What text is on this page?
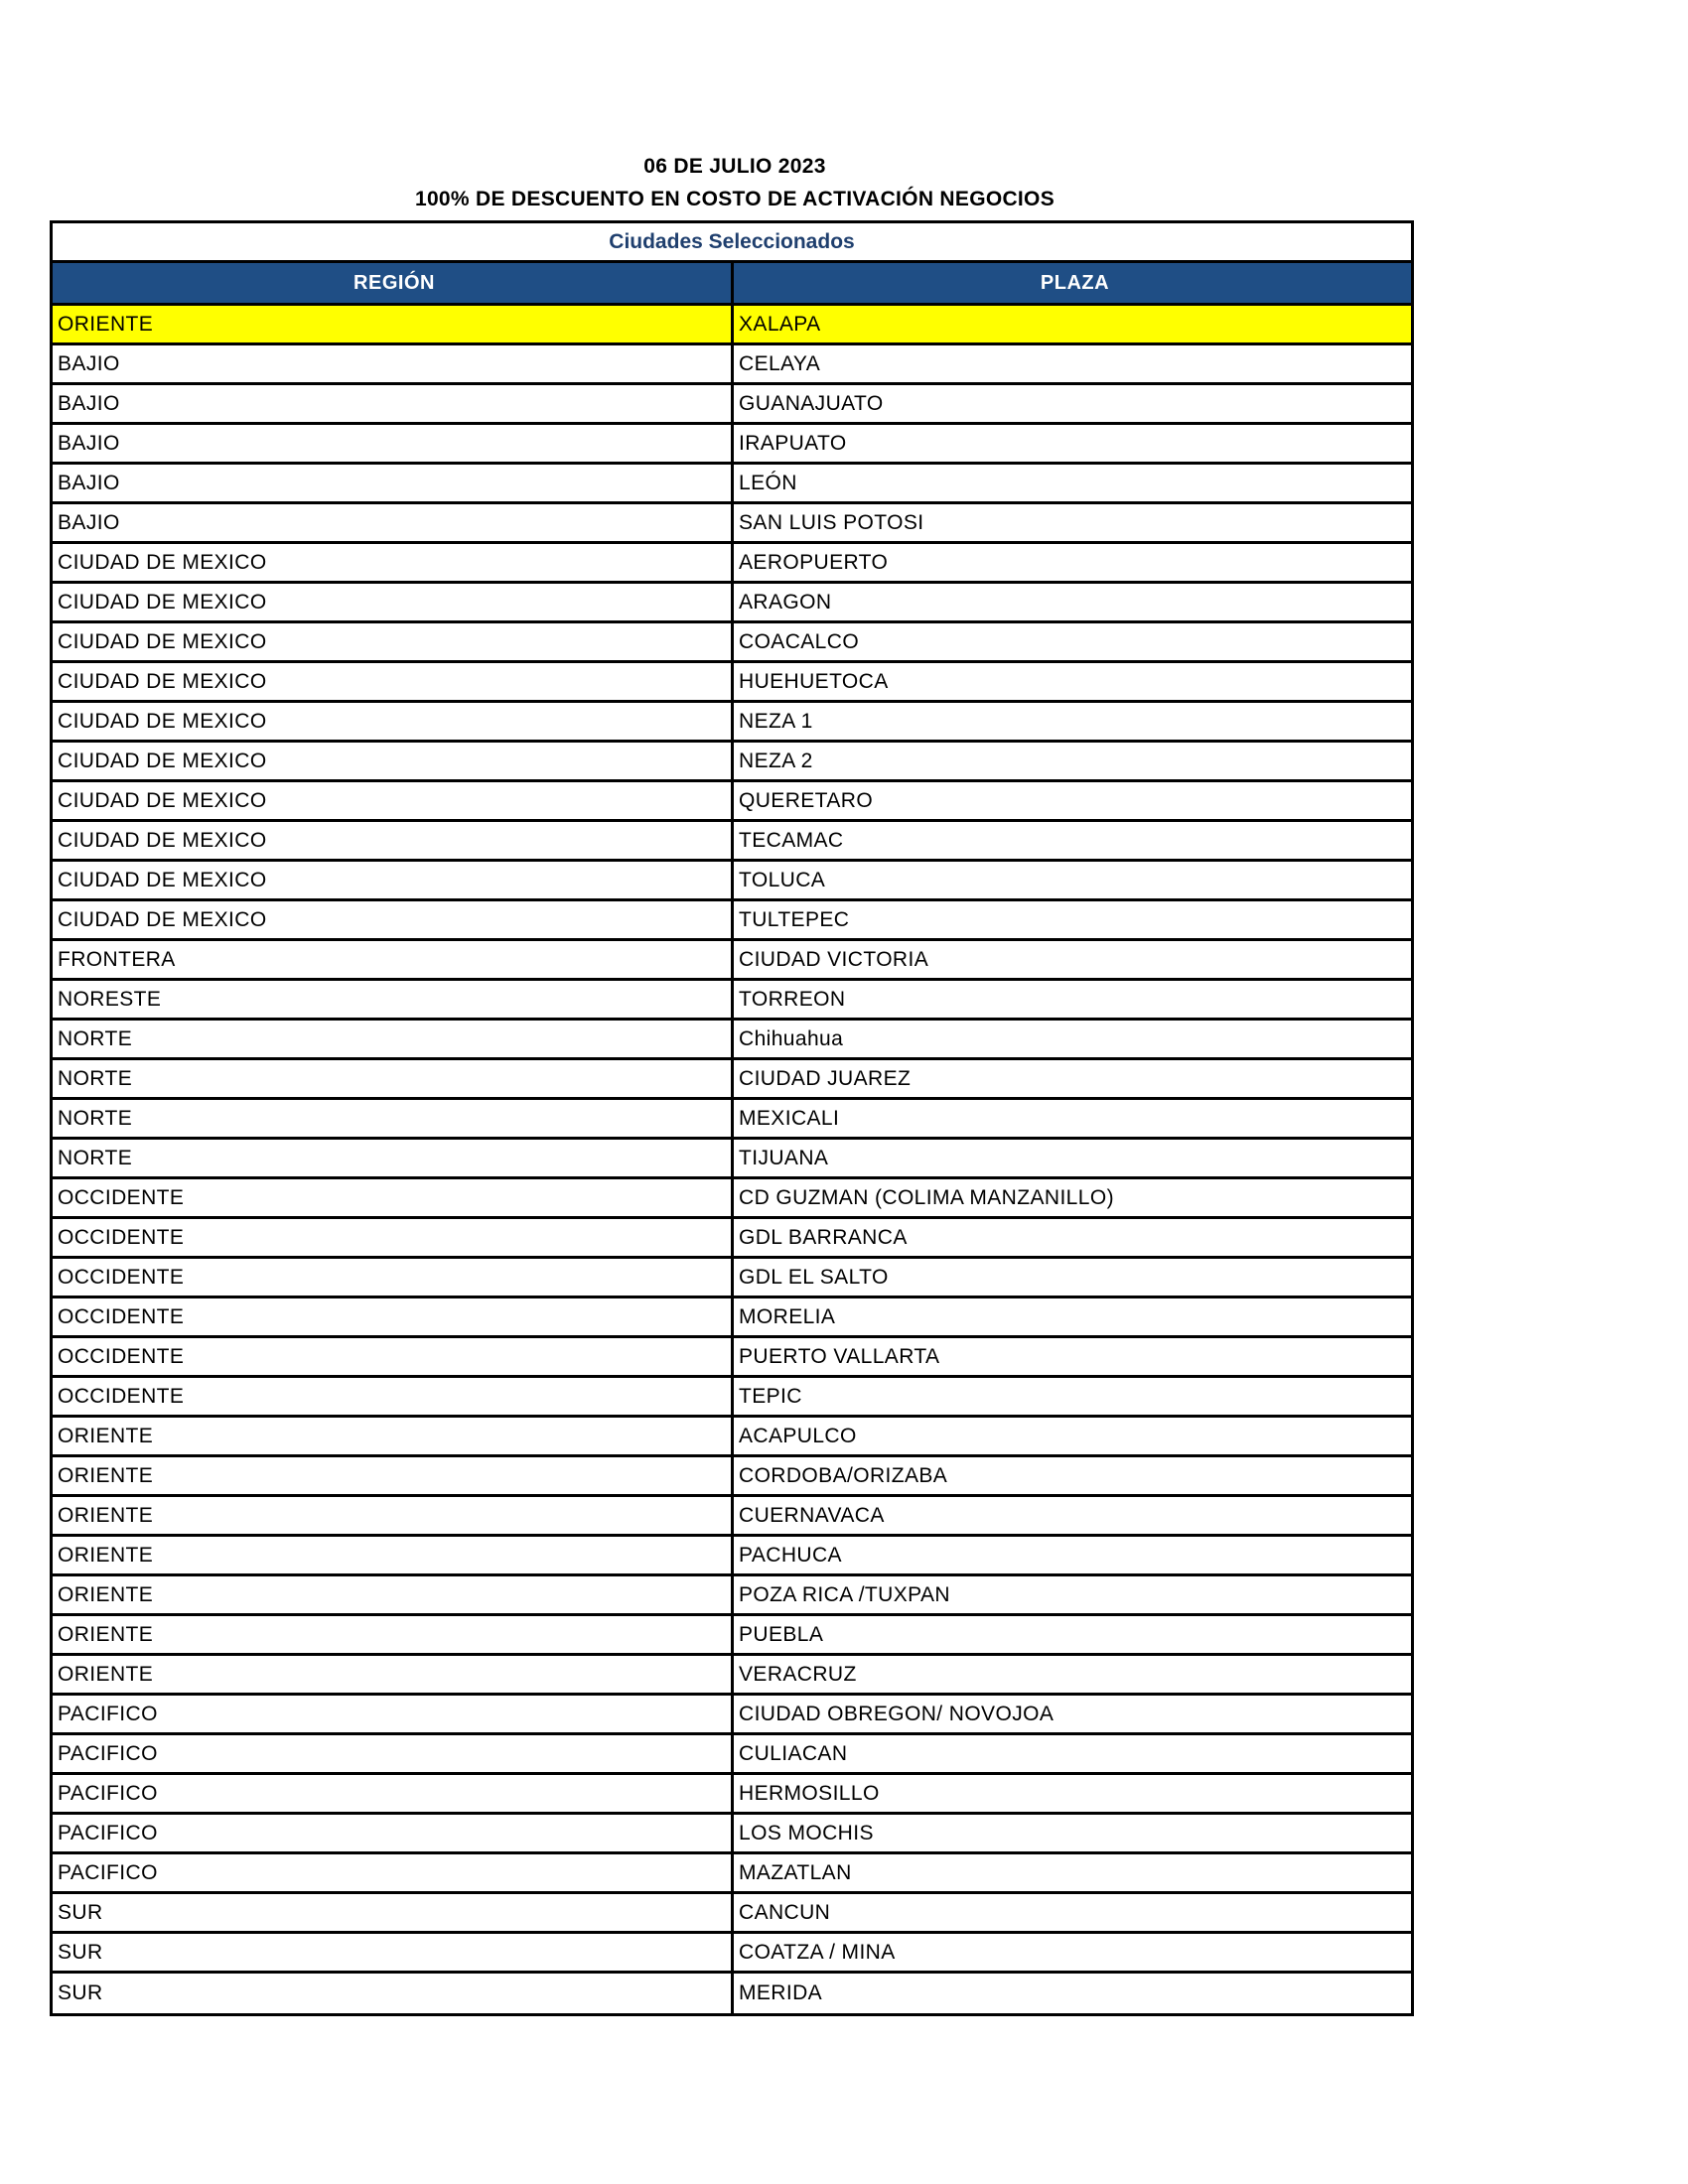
06 DE JULIO 2023
100% DE DESCUENTO EN COSTO DE ACTIVACIÓN NEGOCIOS
Ciudades Seleccionados
REGIÓN	PLAZA
ORIENTE	XALAPA
BAJIO	CELAYA
BAJIO	GUANAJUATO
BAJIO	IRAPUATO
BAJIO	LEÓN
BAJIO	SAN LUIS POTOSI
CIUDAD DE MEXICO	AEROPUERTO
CIUDAD DE MEXICO	ARAGON
CIUDAD DE MEXICO	COACALCO
CIUDAD DE MEXICO	HUEHUETOCA
CIUDAD DE MEXICO	NEZA 1
CIUDAD DE MEXICO	NEZA 2
CIUDAD DE MEXICO	QUERETARO
CIUDAD DE MEXICO	TECAMAC
CIUDAD DE MEXICO	TOLUCA
CIUDAD DE MEXICO	TULTEPEC
FRONTERA	CIUDAD VICTORIA
NORESTE	TORREON
NORTE	Chihuahua
NORTE	CIUDAD JUAREZ
NORTE	MEXICALI
NORTE	TIJUANA
OCCIDENTE	CD GUZMAN (COLIMA MANZANILLO)
OCCIDENTE	GDL BARRANCA
OCCIDENTE	GDL EL SALTO
OCCIDENTE	MORELIA
OCCIDENTE	PUERTO VALLARTA
OCCIDENTE	TEPIC
ORIENTE	ACAPULCO
ORIENTE	CORDOBA/ORIZABA
ORIENTE	CUERNAVACA
ORIENTE	PACHUCA
ORIENTE	POZA RICA /TUXPAN
ORIENTE	PUEBLA
ORIENTE	VERACRUZ
PACIFICO	CIUDAD OBREGON/ NOVOJOA
PACIFICO	CULIACAN
PACIFICO	HERMOSILLO
PACIFICO	LOS MOCHIS
PACIFICO	MAZATLAN
SUR	CANCUN
SUR	COATZA / MINA
SUR	MERIDA
